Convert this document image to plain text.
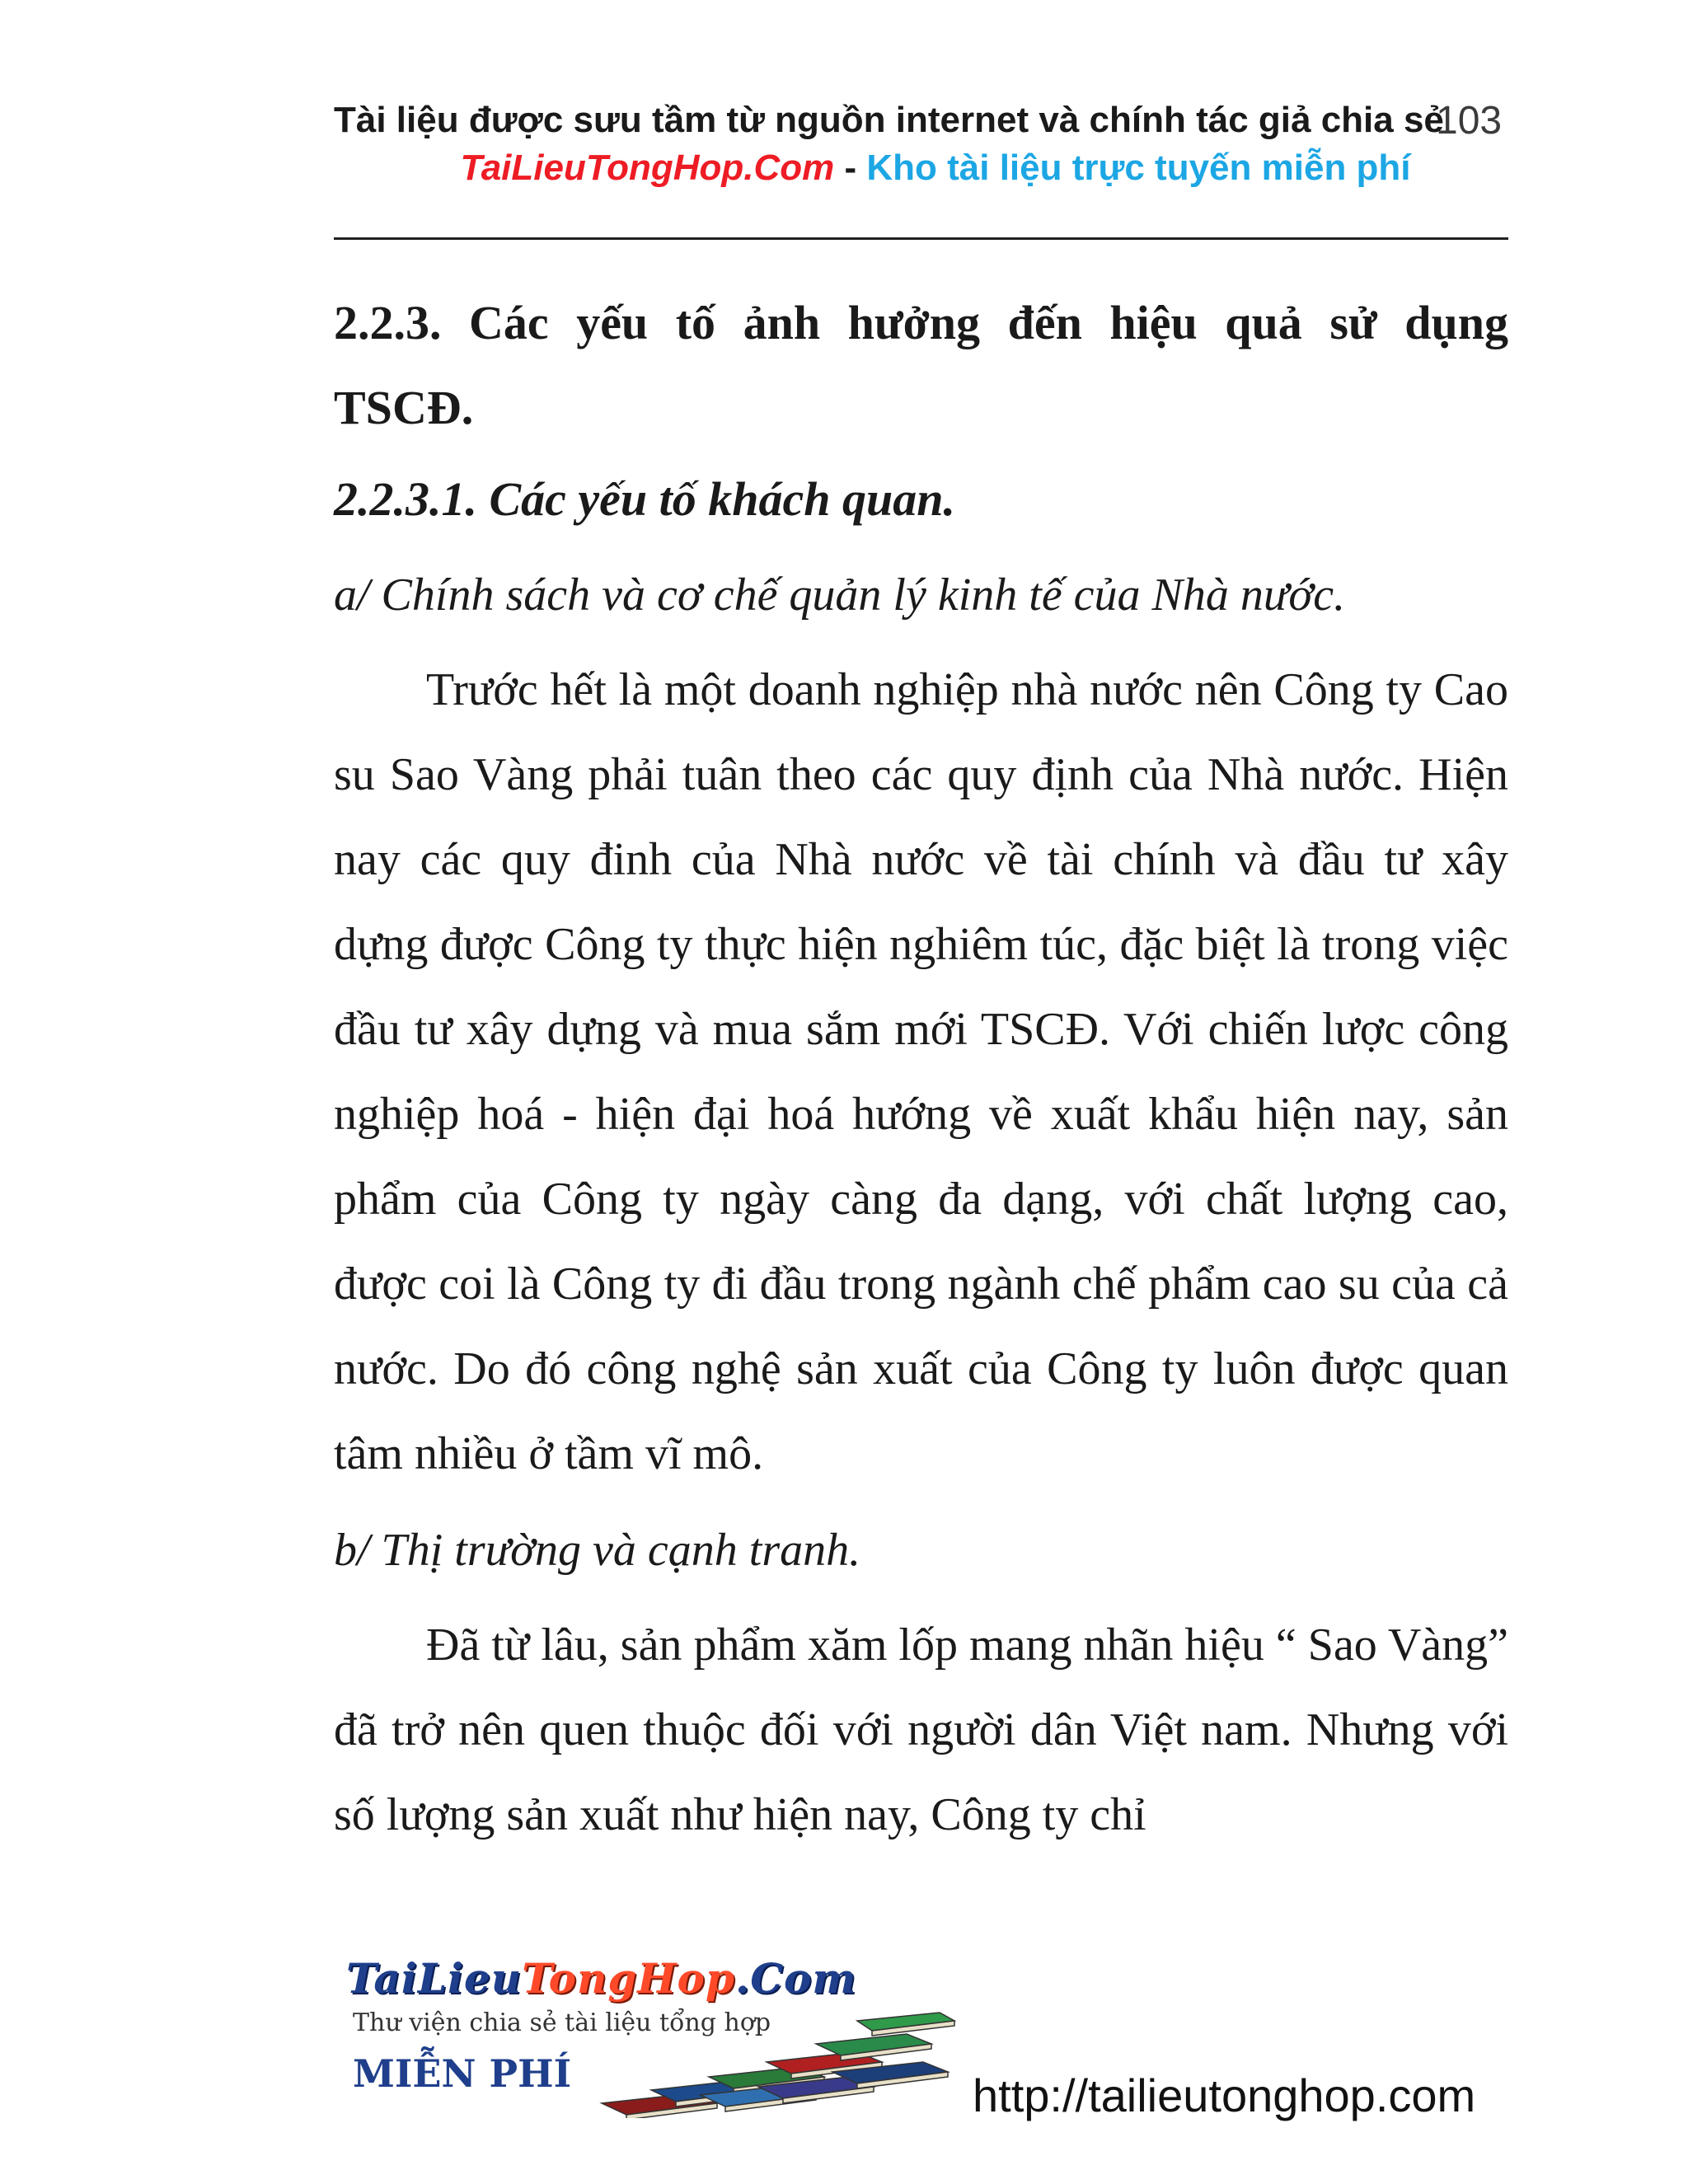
Tài liệu được sưu tầm từ nguồn internet và chính tác giả chia sẻ
103
TaiLieuTongHop.Com - Kho tài liệu trực tuyến miễn phí
2.2.3. Các yếu tố ảnh hưởng đến hiệu quả sử dụng
TSCĐ.
2.2.3.1. Các yếu tố khách quan.
a/ Chính sách và cơ chế quản lý kinh tế của Nhà nước.

Trước hết là một doanh nghiệp nhà nước nên Công ty Cao su Sao Vàng phải tuân theo các quy định của Nhà nước. Hiện nay các quy đinh của Nhà nước về tài chính và đầu tư xây dựng được Công ty thực hiện nghiêm túc, đặc biệt là trong việc đầu tư xây dựng và mua sắm mới TSCĐ. Với chiến lược công nghiệp hoá - hiện đại hoá hướng về xuất khẩu hiện nay, sản phẩm của Công ty ngày càng đa dạng, với chất lượng cao, được coi là Công ty đi đầu trong ngành chế phẩm cao su của cả nước. Do đó công nghệ sản xuất của Công ty luôn được quan tâm nhiều ở tầm vĩ mô.

b/ Thị trường và cạnh tranh.

Đã từ lâu, sản phẩm xăm lốp mang nhãn hiệu “ Sao Vàng” đã trở nên quen thuộc đối với người dân Việt nam. Nhưng với số lượng sản xuất như hiện nay, Công ty chỉ

TaiLieuTongHop.Com
Thư viện chia sẻ tài liệu tổng hợp
MIỄN PHÍ	http://tailieutonghop.com
